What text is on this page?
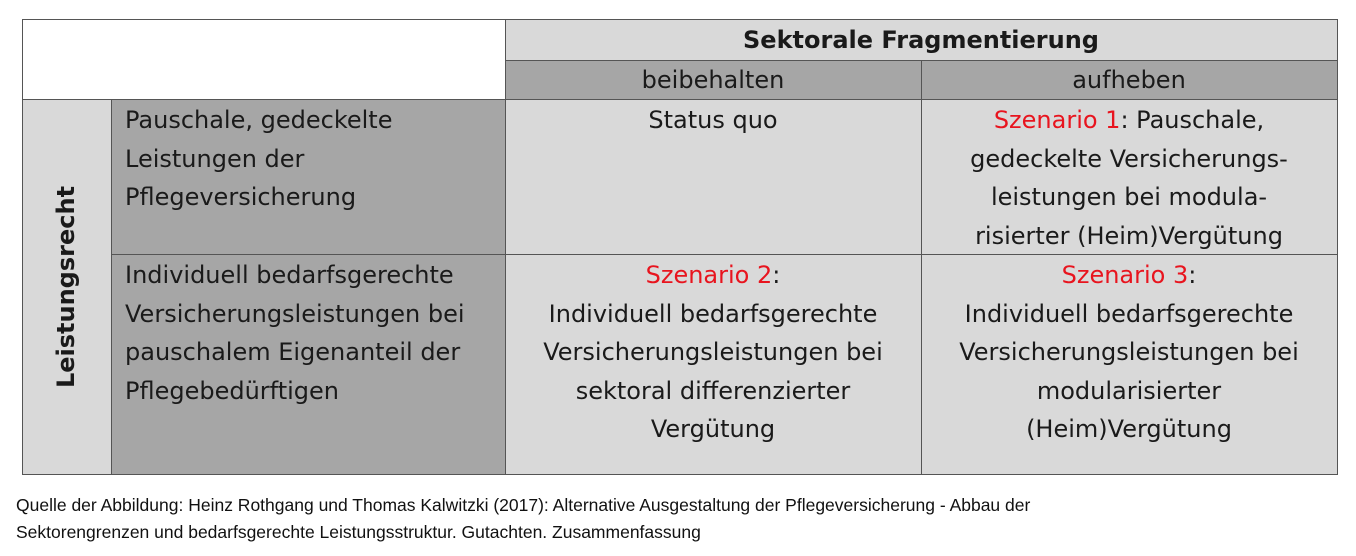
Sektorale Fragmentierung
beibehalten	aufheben
Leistungsrecht
Pauschale, gedeckelte
Leistungen der
Pflegeversicherung
Status quo	Szenario 1: Pauschale,
gedeckelte Versicherungs-
leistungen bei modula-
risierter (Heim)Vergütung
Individuell bedarfsgerechte
Versicherungsleistungen bei
pauschalem Eigenanteil der
Pflegebedürftigen
Szenario 2:
Individuell bedarfsgerechte
Versicherungsleistungen bei
sektoral differenzierter
Vergütung
Szenario 3:
Individuell bedarfsgerechte
Versicherungsleistungen bei
modularisierter
(Heim)Vergütung
Quelle der Abbildung: Heinz Rothgang und Thomas Kalwitzki (2017): Alternative Ausgestaltung der Pflegeversicherung - Abbau der
Sektorengrenzen und bedarfsgerechte Leistungsstruktur. Gutachten. Zusammenfassung
